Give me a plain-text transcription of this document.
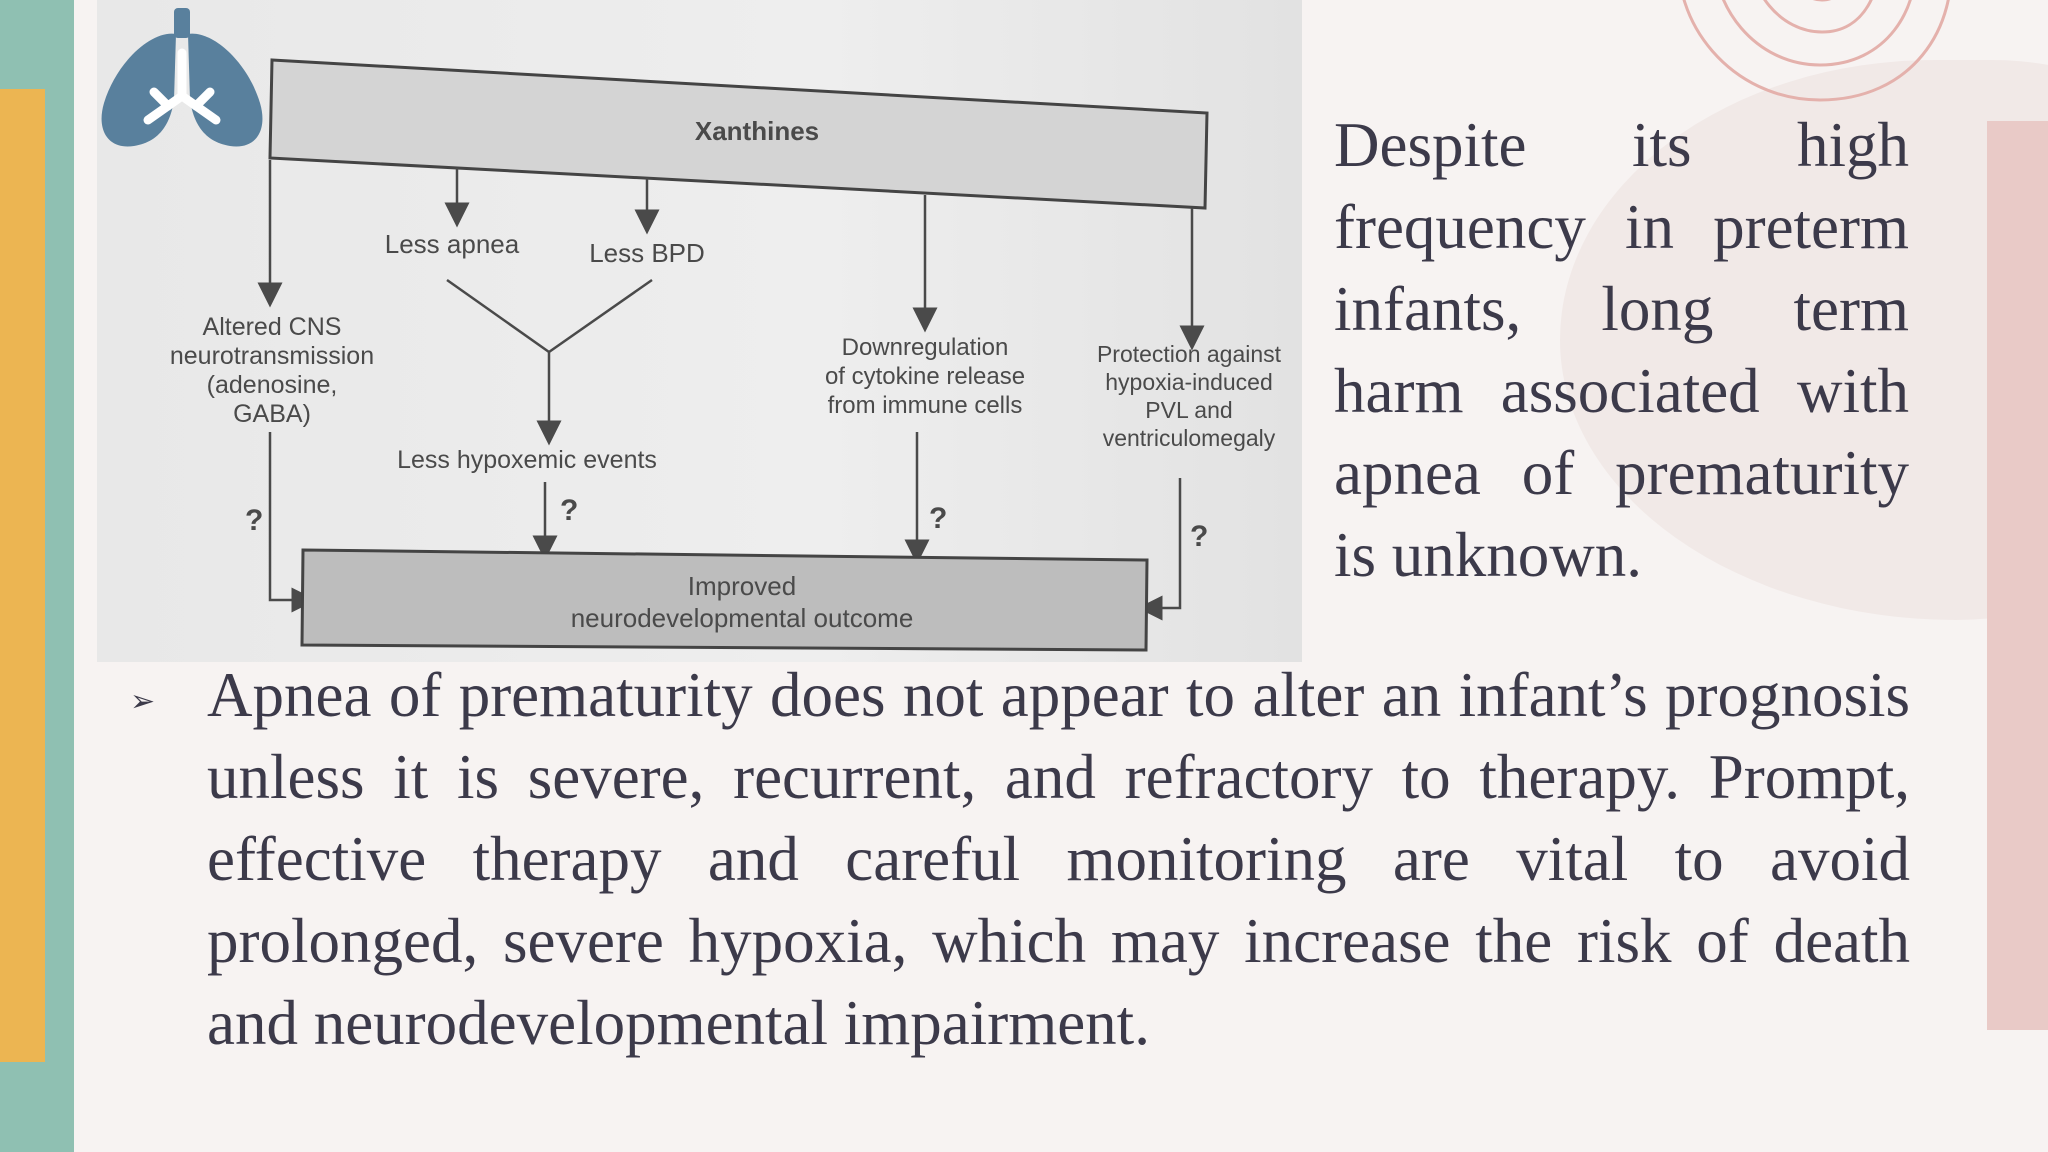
Xanthines
Less apnea	Less BPD
Altered CNS
neurotransmission
(adenosine,
GABA)
Downregulation
of cytokine release
from immune cells
Protection against
hypoxia-induced
PVL and
ventriculomegaly
Less hypoxemic events
?	?	?
?
Improved
neurodevelopmental outcome

Despite its high frequency in preterm infants, long term harm associated with apnea of prematurity is unknown.

➢ Apnea of prematurity does not appear to alter an infant’s prognosis unless it is severe, recurrent, and refractory to therapy. Prompt, effective therapy and careful monitoring are vital to avoid prolonged, severe hypoxia, which may increase the risk of death and neurodevelopmental impairment.
